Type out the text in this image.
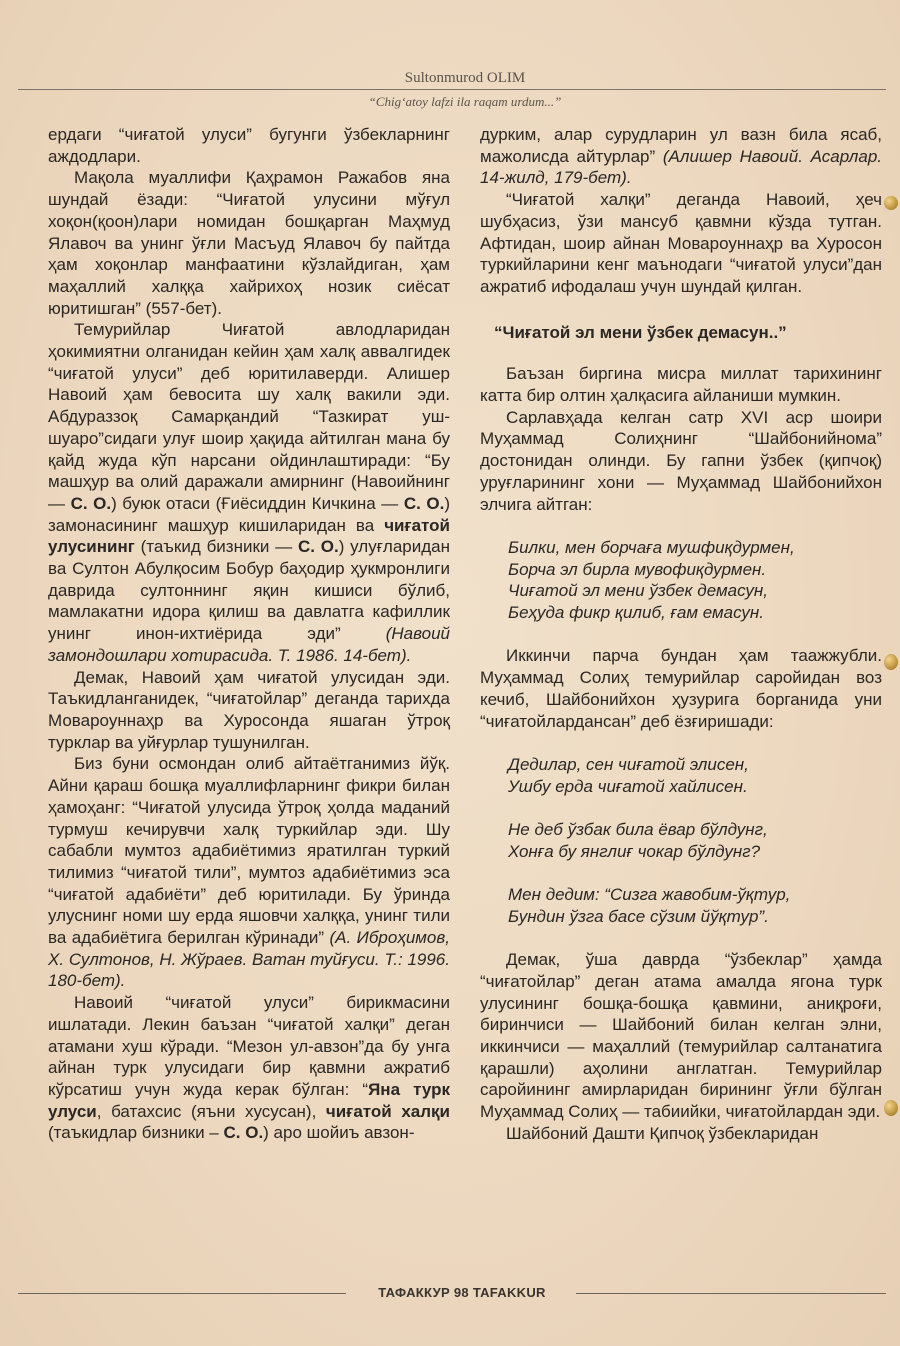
Sultonmurod OLIM
“Chig‘atoy lafzi ila raqam urdum...”

ердаги “чиғатой улуси” бугунги ўзбекларнинг аждодлари.

Мақола муаллифи Қаҳрамон Ражабов яна шундай ёзади: “Чиғатой улусини мўғул хоқон(қоон)лари номидан бошқарган Маҳмуд Ялавоч ва унинг ўғли Масъуд Ялавоч бу пайтда ҳам хоқонлар манфаатини кўзлайдиган, ҳам маҳаллий халққа хайрихоҳ нозик сиёсат юритишган” (557-бет).

Темурийлар Чиғатой авлодларидан ҳокимиятни олганидан кейин ҳам халқ аввалгидек “чиғатой улуси” деб юритилаверди. Алишер Навоий ҳам бевосита шу халқ вакили эди. Абдураззоқ Самарқандий “Тазкират уш-шуаро”сидаги улуғ шоир ҳақида айтилган мана бу қайд жуда кўп нарсани ойдинлаштиради: “Бу машҳур ва олий даражали амирнинг (Навоийнинг — С. О.) буюк отаси (Ғиёсиддин Кичкина — С. О.) замонасининг машҳур кишиларидан ва чиғатой улусининг (таъкид бизники — С. О.) улуғларидан ва Султон Абулқосим Бобур баҳодир ҳукмронлиги даврида султоннинг яқин кишиси бўлиб, мамлакатни идора қилиш ва давлатга кафиллик унинг инон-ихтиёрида эди”	(Навоий замондошлари хотирасида. Т. 1986. 14-бет).

Демак, Навоий ҳам чиғатой улусидан эди. Таъкидланганидек, “чиғатойлар” деганда тарихда Мовароуннаҳр ва Хуросонда яшаган ўтроқ турклар ва уйғурлар тушунилган.

Биз буни осмондан олиб айтаётганимиз йўқ. Айни қараш бошқа муаллифларнинг фикри билан ҳамоҳанг: “Чиғатой улусида ўтроқ ҳолда маданий турмуш кечирувчи халқ туркийлар эди. Шу сабабли мумтоз адабиётимиз яратилган туркий тилимиз “чиғатой тили”, мумтоз адабиётимиз эса “чиғатой адабиёти” деб юритилади. Бу ўринда улуснинг номи шу ерда яшовчи халққа, унинг тили ва адабиётига берилган кўринади” (А. Иброҳимов, Х. Султонов, Н. Жўраев. Ватан туйғуси. Т.: 1996. 180-бет).

Навоий “чиғатой улуси” бирикмасини ишлатади. Лекин баъзан “чиғатой халқи” деган атамани хуш кўради. “Мезон ул-авзон”да бу унга айнан турк улусидаги бир қавмни ажратиб кўрсатиш учун жуда керак бўлган: “Яна турк улуси, батахсис (яъни хусусан), чиғатой халқи (таъкидлар бизники – С. О.) аро шойиъ авзон-

дурким, алар сурудларин ул вазн била ясаб, мажолисда айтурлар” (Алишер Навоий. Асарлар. 14-жилд, 179-бет).

“Чиғатой халқи” деганда Навоий, ҳеч шубҳасиз, ўзи мансуб қавмни кўзда тутган. Афтидан, шоир айнан Мовароуннаҳр ва Хуросон туркийларини кенг маънодаги “чиғатой улуси”дан ажратиб ифодалаш учун шундай қилган.

“Чиғатой эл мени ўзбек демасун..”

Баъзан биргина мисра миллат тарихининг катта бир олтин ҳалқасига айланиши мумкин.

Сарлавҳада келган сатр XVI аср шоири Муҳаммад Солиҳнинг “Шайбонийнома” достонидан олинди. Бу гапни ўзбек (қипчоқ) уруғларининг хони — Муҳаммад Шайбонийхон элчига айтган:

Билки, мен борчаға мушфиқдурмен,
Борча эл бирла мувофиқдурмен.
Чиғатой эл мени ўзбек демасун,
Беҳуда фикр қилиб, ғам емасун.

Иккинчи парча бундан ҳам таажжубли. Муҳаммад Солиҳ темурийлар саройидан воз кечиб, Шайбонийхон ҳузурига борганида уни “чиғатойлардансан” деб ёзғиришади:

Дедилар, сен чиғатой элисен,
Ушбу ерда чиғатой хайлисен.
Не деб ўзбак била ёвар бўлдунг,
Хонға бу янглиғ чокар бўлдунг?
Мен дедим: “Сизга жавобим-ўқтур,
Бундин ўзга басе сўзим йўқтур”.

Демак, ўша даврда “ўзбеклар” ҳамда “чиғатойлар” деган атама амалда ягона турк улусининг бошқа-бошқа қавмини, аниқроғи, биринчиси — Шайбоний билан келган элни, иккинчиси — маҳаллий (темурийлар салтанатига қарашли) аҳолини англатган. Темурийлар саройининг амирларидан бирининг ўғли бўлган Муҳаммад Солиҳ — табиийки, чиғатойлардан эди.

Шайбоний Дашти Қипчоқ ўзбекларидан

ТАФАККУР 98 TAFAKKUR
